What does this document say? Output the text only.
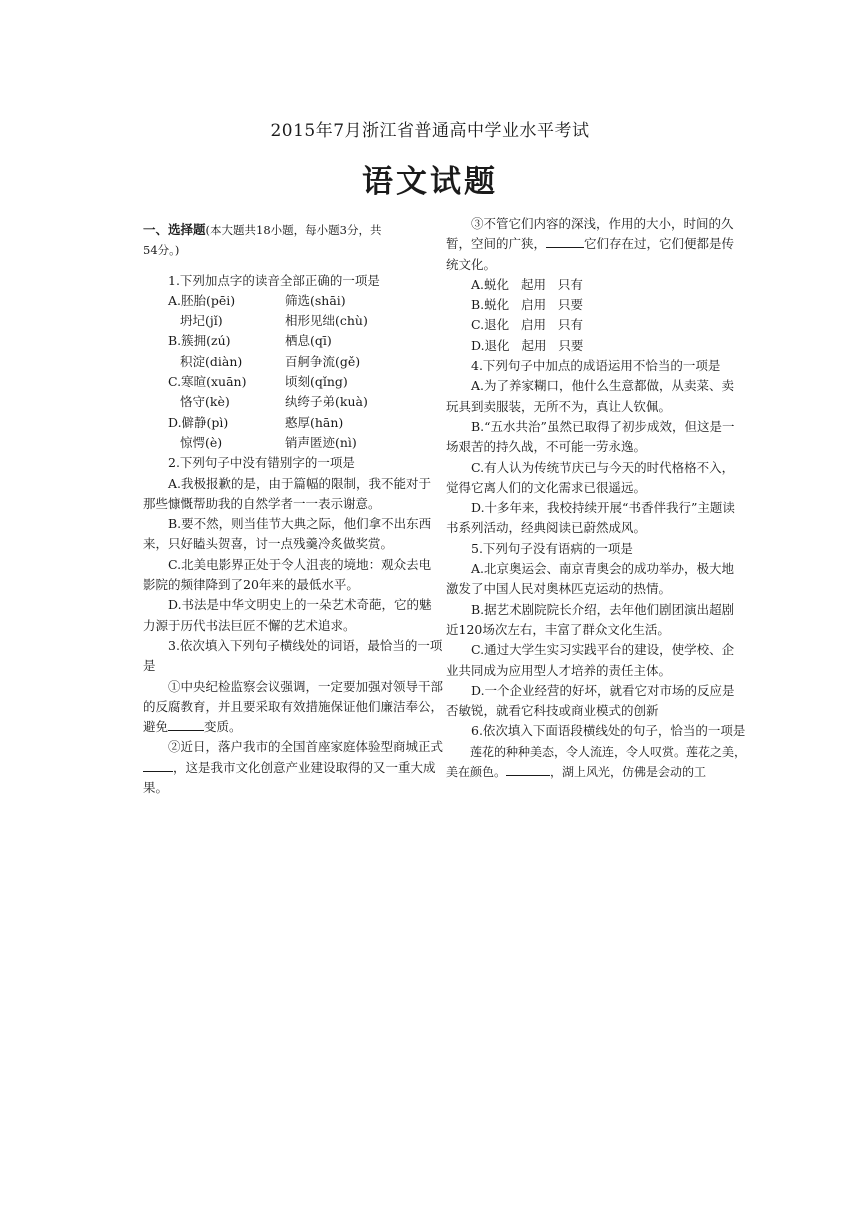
2015年7月浙江省普通高中学业水平考试
语文试题
一、选择题(本大题共18小题，每小题3分，共
54分。)
1.下列加点字的读音全部正确的一项是
A.胚胎(pēi)	筛选(shāi)
坍圮(jǐ)	相形见绌(chù)
B.簇拥(zú)	栖息(qī)
积淀(diàn)	百舸争流(gě)
C.寒暄(xuān)	顷刻(qǐng)
恪守(kè)	纨绔子弟(kuà)
D.僻静(pì)	憨厚(hān)
惊愕(è)	销声匿迹(nì)
2.下列句子中没有错别字的一项是
A.我极报歉的是，由于篇幅的限制，我不能对于那些慷慨帮助我的自然学者一一表示谢意。
B.要不然，则当佳节大典之际，他们拿不出东西来，只好瞌头贺喜，讨一点残羹冷炙做奖赏。
C.北美电影界正处于令人沮丧的境地：观众去电影院的频律降到了20年来的最低水平。
D.书法是中华文明史上的一朵艺术奇葩，它的魅力源于历代书法巨匠不懈的艺术追求。
3.依次填入下列句子横线处的词语，最恰当的一项是
①中央纪检监察会议强调，一定要加强对领导干部的反腐教育，并且要采取有效措施保证他们廉洁奉公，避免	变质。
②近日，落户我市的全国首座家庭体验型商城正式，这是我市文化创意产业建设取得的又一重大成果。
③不管它们内容的深浅，作用的大小，时间的久暂，空间的广狭，	它们存在过，它们便都是传统文化。
A.蜕化 起用 只有
B.蜕化 启用 只要
C.退化 启用 只有
D.退化 起用 只要
4.下列句子中加点的成语运用不恰当的一项是
A.为了养家糊口，他什么生意都做，从卖菜、卖玩具到卖服装，无所不为，真让人钦佩。
B.“五水共治”虽然已取得了初步成效，但这是一场艰苦的持久战，不可能一劳永逸。
C.有人认为传统节庆已与今天的时代格格不入，觉得它离人们的文化需求已很遥远。
D.十多年来，我校持续开展“书香伴我行”主题读书系列活动，经典阅读已蔚然成风。
5.下列句子没有语病的一项是
A.北京奥运会、南京青奥会的成功举办，极大地激发了中国人民对奥林匹克运动的热情。
B.据艺术剧院院长介绍，去年他们剧团演出超剧近120场次左右，丰富了群众文化生活。
C.通过大学生实习实践平台的建设，使学校、企业共同成为应用型人才培养的责任主体。
D.一个企业经营的好坏，就看它对市场的反应是否敏锐，就看它科技或商业模式的创新
6.依次填入下面语段横线处的句子，恰当的一项是
莲花的种种美态，令人流连，令人叹赏。莲花之美，美在颜色。	，湖上风光，仿佛是会动的工
